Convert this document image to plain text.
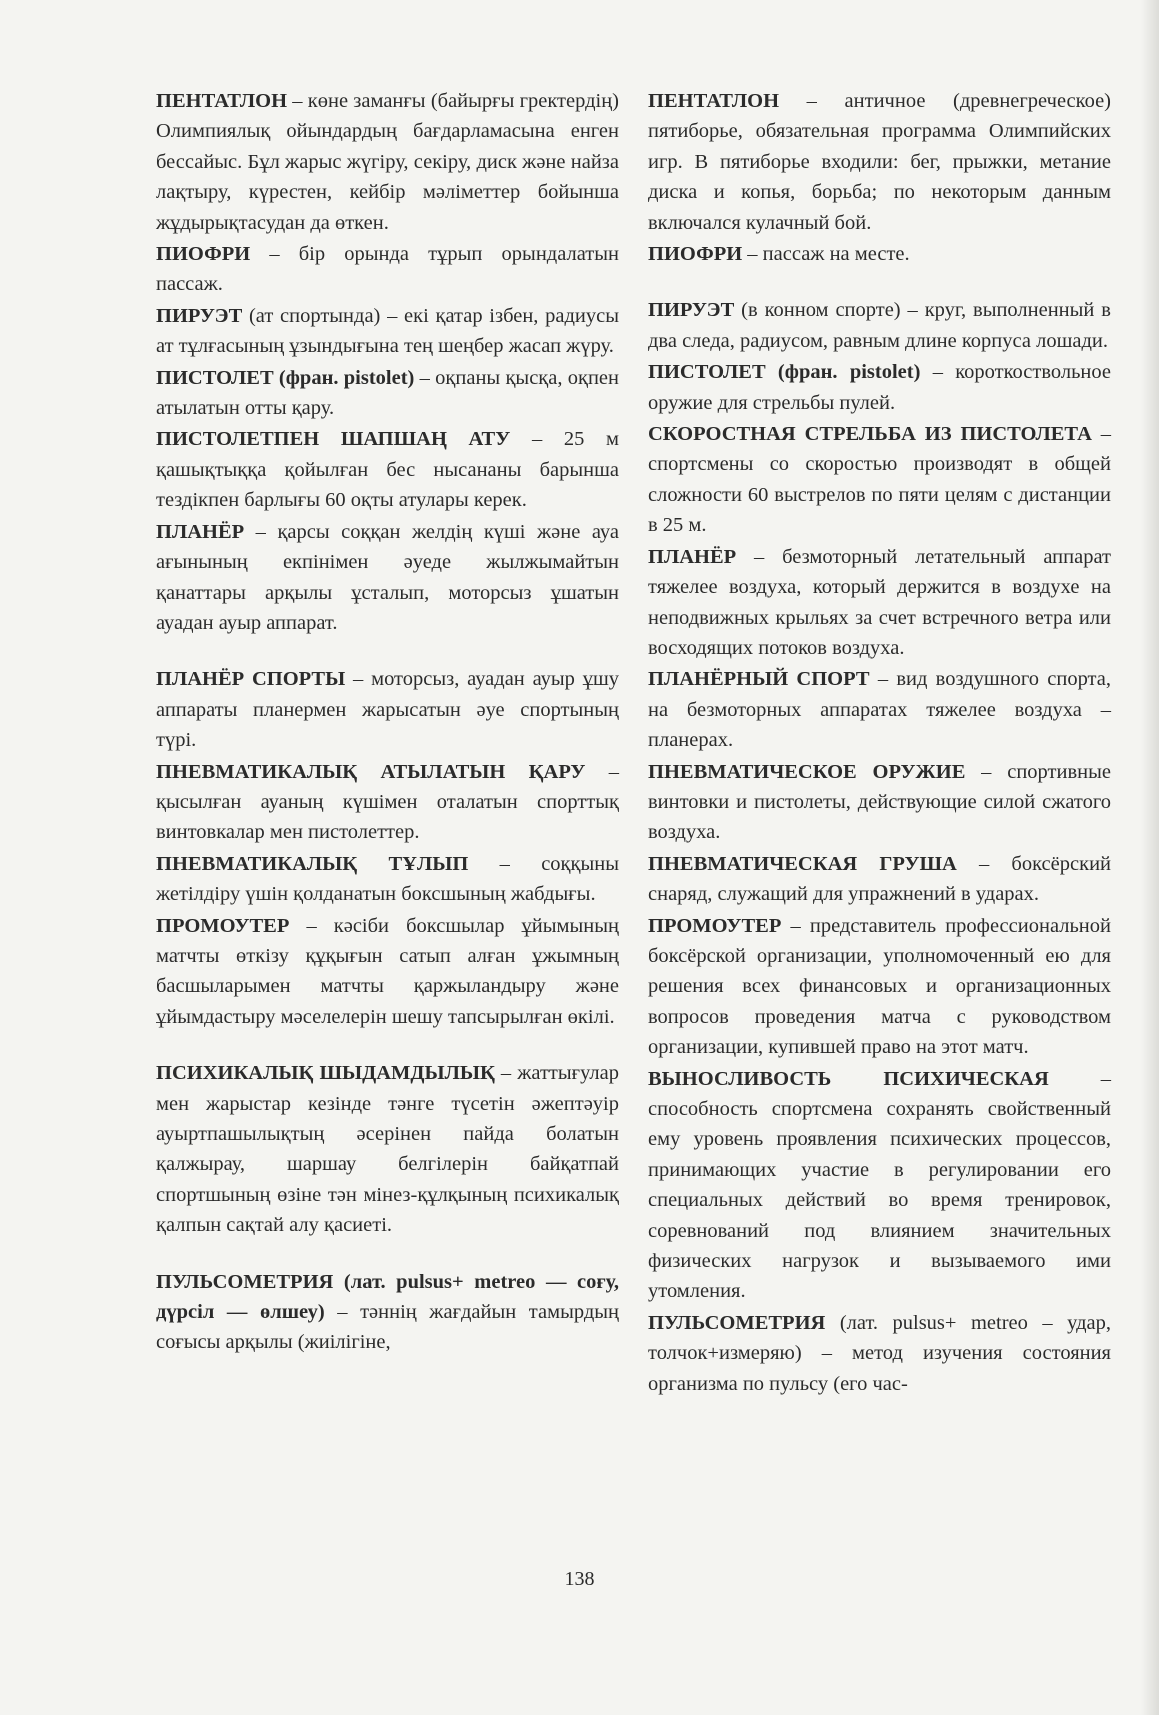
ПЕНТАТЛОН – көне заманғы (байырғы гректердің) Олимпиялық ойындардың бағдарламасына енген бессайыс. Бұл жарыс жүгіру, секіру, диск және найза лақтыру, күрестен, кейбір мәліметтер бойынша жұдырықтасудан да өткен.

ПИОФРИ – бір орында тұрып орындалатын пассаж.

ПИРУЭТ (ат спортында) – екі қатар ізбен, радиусы ат тұлғасының ұзындығына тең шеңбер жасап жүру.

ПИСТОЛЕТ (фран. pistolet) – оқпаны қысқа, оқпен атылатын отты қару.

ПИСТОЛЕТПЕН ШАПШАҢ АТУ – 25 м қашықтыққа қойылған бес нысананы барынша тездікпен барлығы 60 оқты атулары керек.

ПЛАНЁР – қарсы соққан желдің күші және ауа ағынының екпінімен әуеде жылжымайтын қанаттары арқылы ұсталып, моторсыз ұшатын ауадан ауыр аппарат.

ПЛАНЁР СПОРТЫ – моторсыз, ауадан ауыр ұшу аппараты планермен жарысатын әуе спортының түрі.

ПНЕВМАТИКАЛЫҚ АТЫЛАТЫН ҚАРУ – қысылған ауаның күшімен оталатын спорттық винтовкалар мен пистолеттер.

ПНЕВМАТИКАЛЫҚ ТҰЛЫП – соққыны жетілдіру үшін қолданатын боксшының жабдығы.

ПРОМОУТЕР – кәсіби боксшылар ұйымының матчты өткізу құқығын сатып алған ұжымның басшыларымен матчты қаржыландыру және ұйымдастыру мәселелерін шешу тапсырылған өкілі.

ПСИХИКАЛЫҚ ШЫДАМДЫЛЫҚ – жаттығулар мен жарыстар кезінде тәнге түсетін әжептәуір ауыртпашылықтың әсерінен пайда болатын қалжырау, шаршау белгілерін байқатпай спортшының өзіне тән мінез-құлқының психикалық қалпын сақтай алу қасиеті.

ПУЛЬСОМЕТРИЯ (лат. pulsus+ metreo — соғу, дүрсіл — өлшеу) – тәннің жағдайын тамырдың соғысы арқылы (жиілігіне,

ПЕНТАТЛОН – античное (древнегреческое) пятиборье, обязательная программа Олимпийских игр. В пятиборье входили: бег, прыжки, метание диска и копья, борьба; по некоторым данным включался кулачный бой.

ПИОФРИ – пассаж на месте.

ПИРУЭТ (в конном спорте) – круг, выполненный в два следа, радиусом, равным длине корпуса лошади.

ПИСТОЛЕТ (фран. pistolet) – короткоствольное оружие для стрельбы пулей.

СКОРОСТНАЯ СТРЕЛЬБА ИЗ ПИСТОЛЕТА – спортсмены со скоростью производят в общей сложности 60 выстрелов по пяти целям с дистанции в 25 м.

ПЛАНЁР – безмоторный летательный аппарат тяжелее воздуха, который держится в воздухе на неподвижных крыльях за счет встречного ветра или восходящих потоков воздуха.

ПЛАНЁРНЫЙ СПОРТ – вид воздушного спорта, на безмоторных аппаратах тяжелее воздуха – планерах.

ПНЕВМАТИЧЕСКОЕ ОРУЖИЕ – спортивные винтовки и пистолеты, действующие силой сжатого воздуха.

ПНЕВМАТИЧЕСКАЯ ГРУША – боксёрский снаряд, служащий для упражнений в ударах.

ПРОМОУТЕР – представитель профессиональной боксёрской организации, уполномоченный ею для решения всех финансовых и организационных вопросов проведения матча с руководством организации, купившей право на этот матч.

ВЫНОСЛИВОСТЬ ПСИХИЧЕСКАЯ – способность спортсмена сохранять свойственный ему уровень проявления психических процессов, принимающих участие в регулировании его специальных действий во время тренировок, соревнований под влиянием значительных физических нагрузок и вызываемого ими утомления.

ПУЛЬСОМЕТРИЯ (лат. pulsus+ metreo – удар, толчок+измеряю) – метод изучения состояния организма по пульсу (его час-

138
